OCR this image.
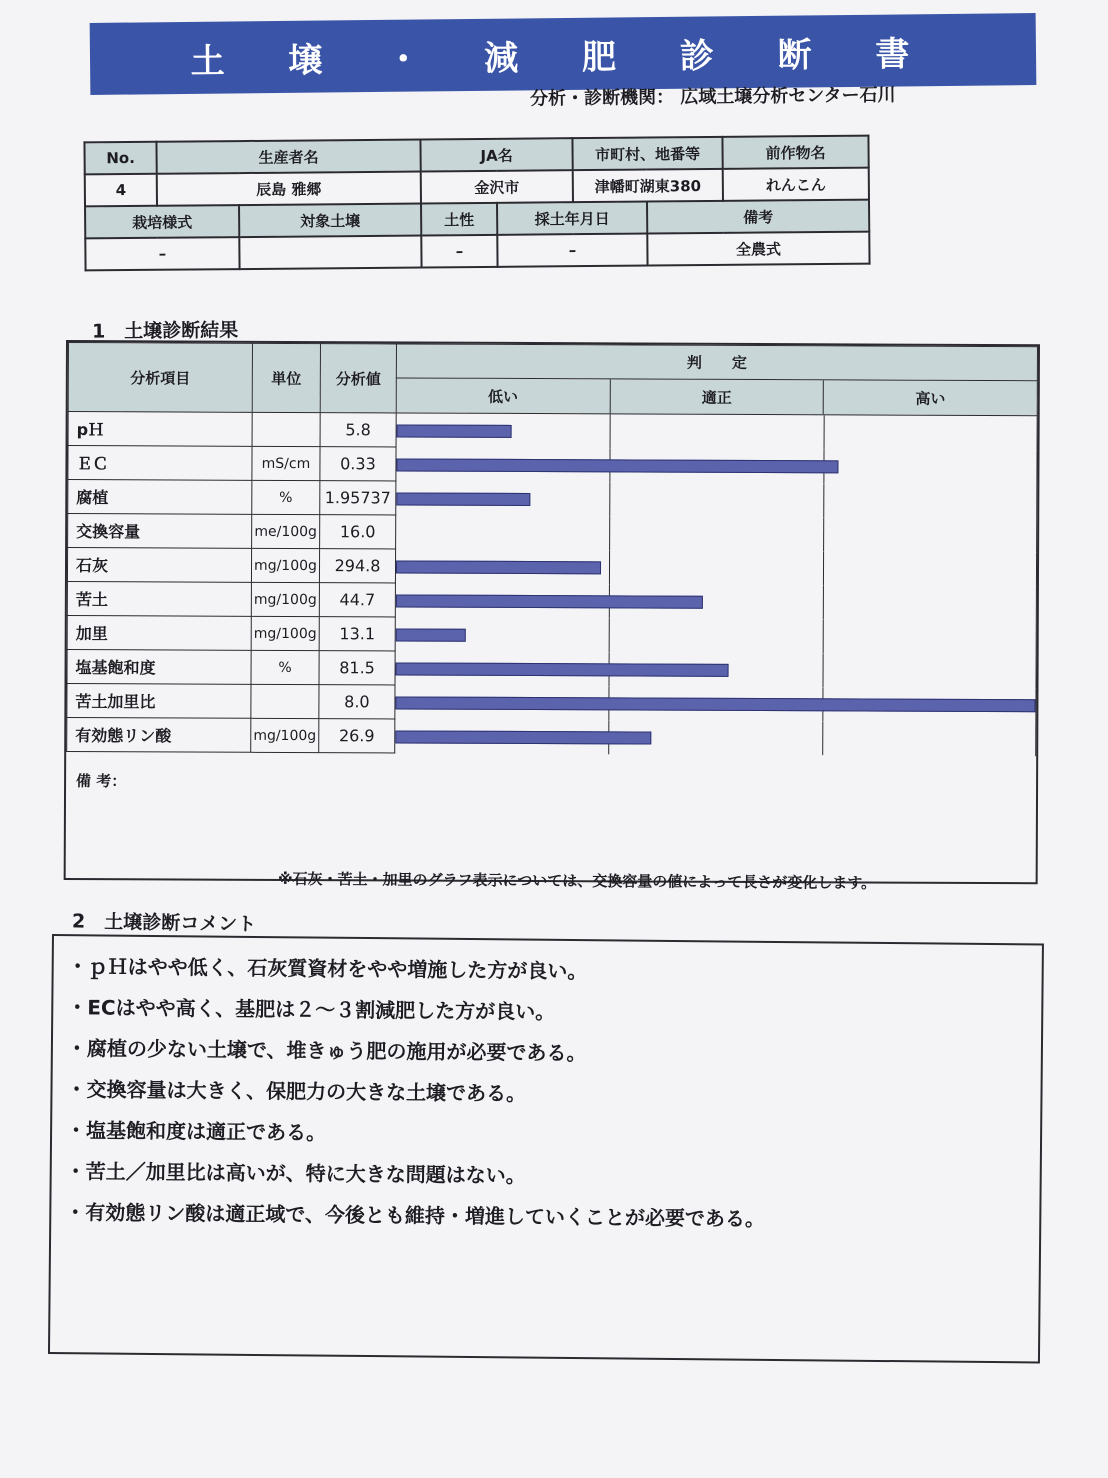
土 壌 ・ 減 肥 診 断 書
分析・診断機関： 広域土壌分析センター石川
No.	生産者名		JA名		市町村、地番等		前作物名
4	辰島 雅郷		金沢市		津幡町湖東380		れんこん
栽培様式		対象土壌	土性	採土年月日		備考	
–			–	–		全農式	
1　土壌診断結果
分析項目	単位	分析値	判　　定

低い 適正 高い

pＨ		5.8	

ＥＣ	mS/cm	0.33	

腐植	%	1.95737	

交換容量	me/100g	16.0	

石灰	mg/100g	294.8	

苦土	mg/100g	44.7	

加里	mg/100g	13.1	

塩基飽和度	%	81.5	

苦土加里比		8.0	

有効態リン酸	mg/100g	26.9	
備 考：
※石灰・苦土・加里のグラフ表示については、交換容量の値によって長さが変化します。
2　土壌診断コメント
・ｐＨはやや低く、石灰質資材をやや増施した方が良い。
・ECはやや高く、基肥は２～３割減肥した方が良い。
・腐植の少ない土壌で、堆きゅう肥の施用が必要である。
・交換容量は大きく、保肥力の大きな土壌である。
・塩基飽和度は適正である。
・苦土／加里比は高いが、特に大きな問題はない。
・有効態リン酸は適正域で、今後とも維持・増進していくことが必要である。
